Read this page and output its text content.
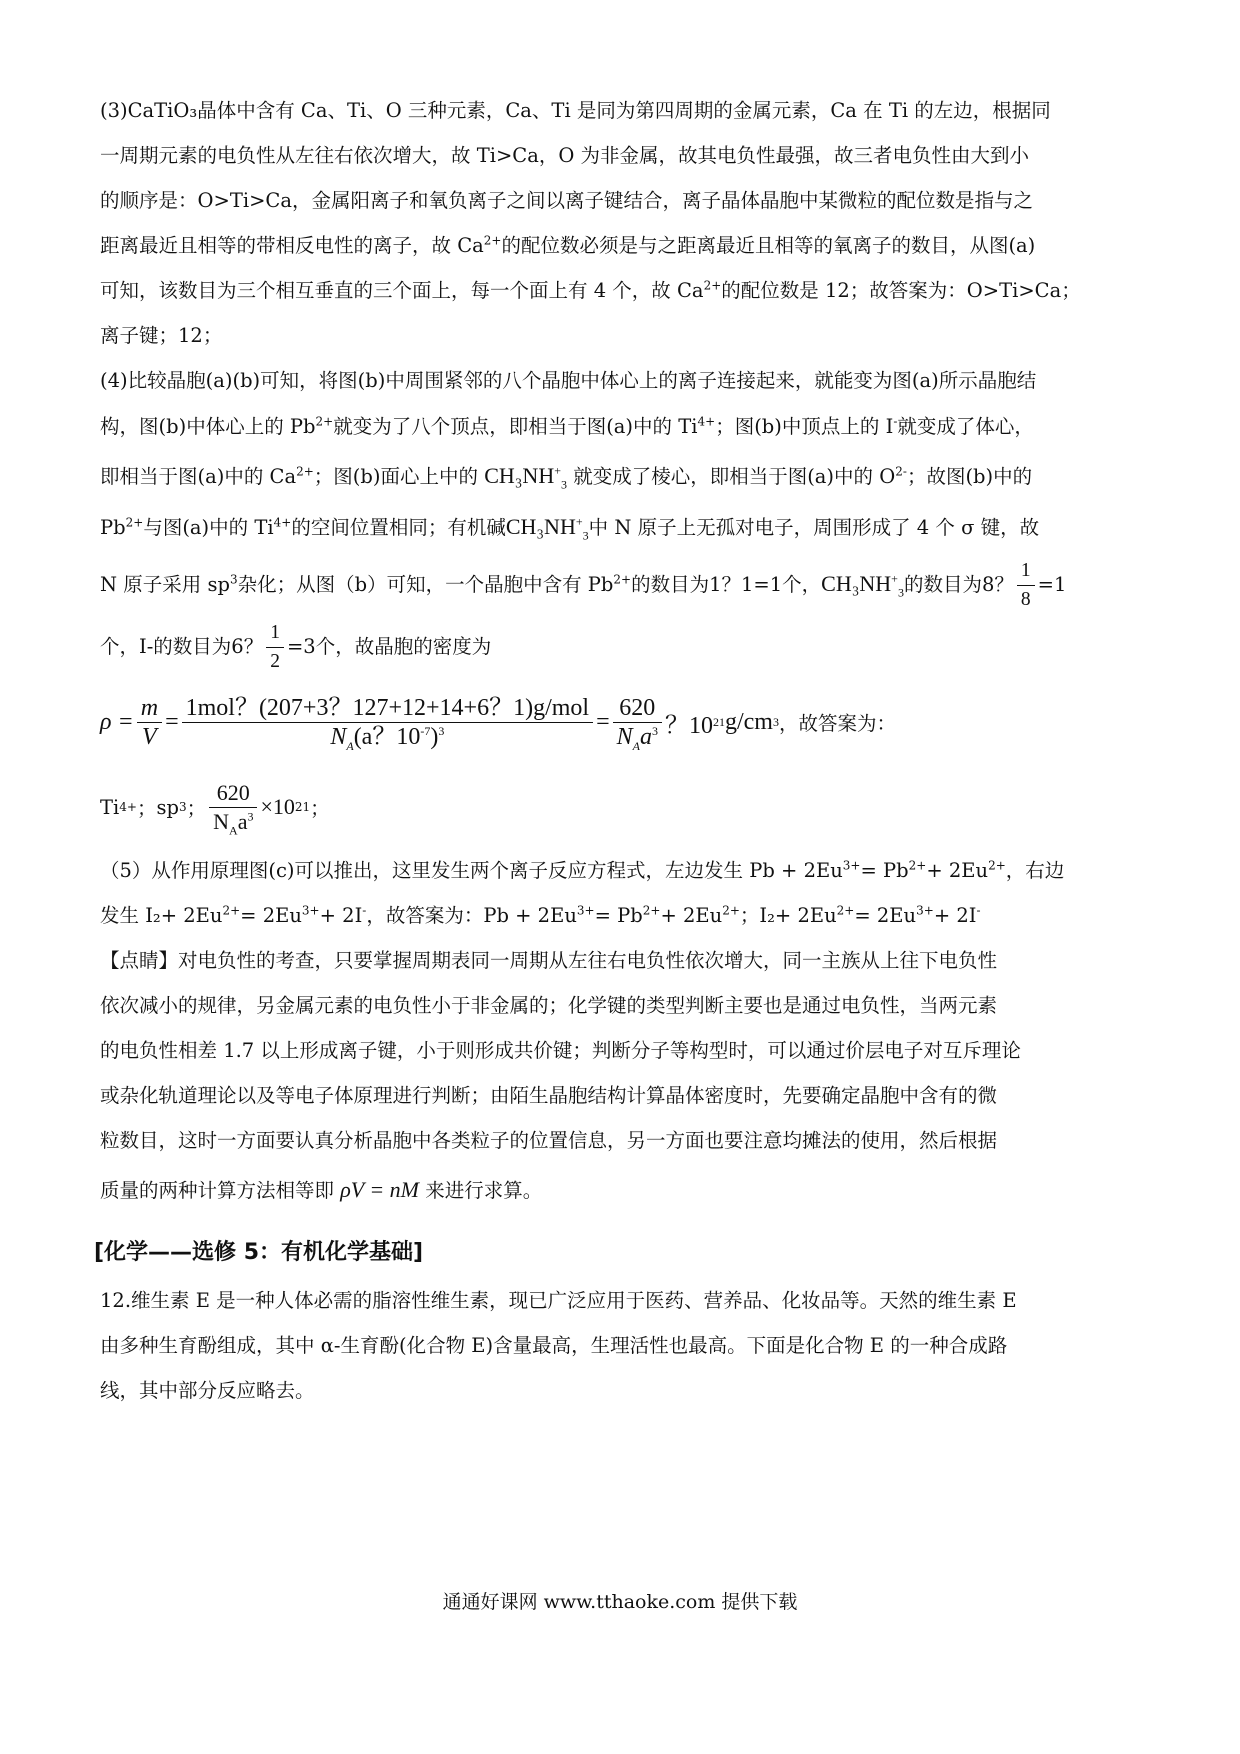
(3)CaTiO₃晶体中含有 Ca、Ti、O 三种元素，Ca、Ti 是同为第四周期的金属元素，Ca 在 Ti 的左边，根据同
一周期元素的电负性从左往右依次增大，故 Ti>Ca，O 为非金属，故其电负性最强，故三者电负性由大到小
的顺序是：O>Ti>Ca，金属阳离子和氧负离子之间以离子键结合，离子晶体晶胞中某微粒的配位数是指与之
距离最近且相等的带相反电性的离子，故 $Ca^{2+}$的配位数必须是与之距离最近且相等的氧离子的数目，从图(a)
可知，该数目为三个相互垂直的三个面上，每一个面上有 4 个，故 $Ca^{2+}$的配位数是 12；故答案为：O>Ti>Ca；
离子键；12；
(4)比较晶胞(a)(b)可知，将图(b)中周围紧邻的八个晶胞中体心上的离子连接起来，就能变为图(a)所示晶胞结
构，图(b)中体心上的 $Pb^{2+}$就变为了八个顶点，即相当于图(a)中的 $Ti^{4+}$；图(b)中顶点上的 I-就变成了体心，
即相当于图(a)中的 $Ca^{2+}$；图(b)面心上中的 $CH_3NH^+_3$ 就变成了棱心，即相当于图(a)中的 $O^{2-}$；故图(b)中的
$Pb^{2+}$与图(a)中的 $Ti^{4+}$的空间位置相同；有机碱$CH_3NH^+_3$中 N 原子上无孤对电子，周围形成了 4 个 σ 键，故
N 原子采用 $sp^3$杂化；从图（b）可知，一个晶胞中含有 $Pb^{2+}$的数目为1？1=1个，$CH_3NH^+_3$的数目为8？ $\frac{1}{8} =1$
个，I-的数目为6？ $\frac{1}{2} =3$个，故晶胞的密度为
$\rho = \frac{m}{V} = \frac{\text{1mol？(207+3？127+12+14+6？1)g/mol}}{N_A(a?10^{-7})^3} = \frac{620}{N_Aa^3}$ ？10 21 g/cm 3 ，故答案为：
Ti 4+ ； sp 3 ； $\frac{620}{N_Aa^3} \times 10$ 21 ；
（5）从作用原理图(c)可以推出，这里发生两个离子反应方程式，左边发生 $Pb + 2Eu^{3+}= Pb^{2+}+ 2Eu^{2+}$，右边
发生 $I_2+ 2Eu^{2+}= 2Eu^{3+}+ 2I^-$，故答案为：$Pb + 2Eu^{3+}= Pb^{2+}+ 2Eu^{2+}$；$I_2+ 2Eu^{2+}= 2Eu^{3+}+ 2I^-$
【点睛】对电负性的考查，只要掌握周期表同一周期从左往右电负性依次增大，同一主族从上往下电负性
依次减小的规律，另金属元素的电负性小于非金属的；化学键的类型判断主要也是通过电负性，当两元素
的电负性相差 1.7 以上形成离子键，小于则形成共价键；判断分子等构型时，可以通过价层电子对互斥理论
或杂化轨道理论以及等电子体原理进行判断；由陌生晶胞结构计算晶体密度时，先要确定晶胞中含有的微
粒数目，这时一方面要认真分析晶胞中各类粒子的位置信息，另一方面也要注意均摊法的使用，然后根据
质量的两种计算方法相等即 ρV = nM 来进行求算。
[化学——选修 5：有机化学基础]
12.维生素 E 是一种人体必需的脂溶性维生素，现已广泛应用于医药、营养品、化妆品等。天然的维生素 E
由多种生育酚组成，其中 α-生育酚(化合物 E)含量最高，生理活性也最高。下面是化合物 E 的一种合成路
线，其中部分反应略去。
通通好课网 www.tthaoke.com 提供下载
